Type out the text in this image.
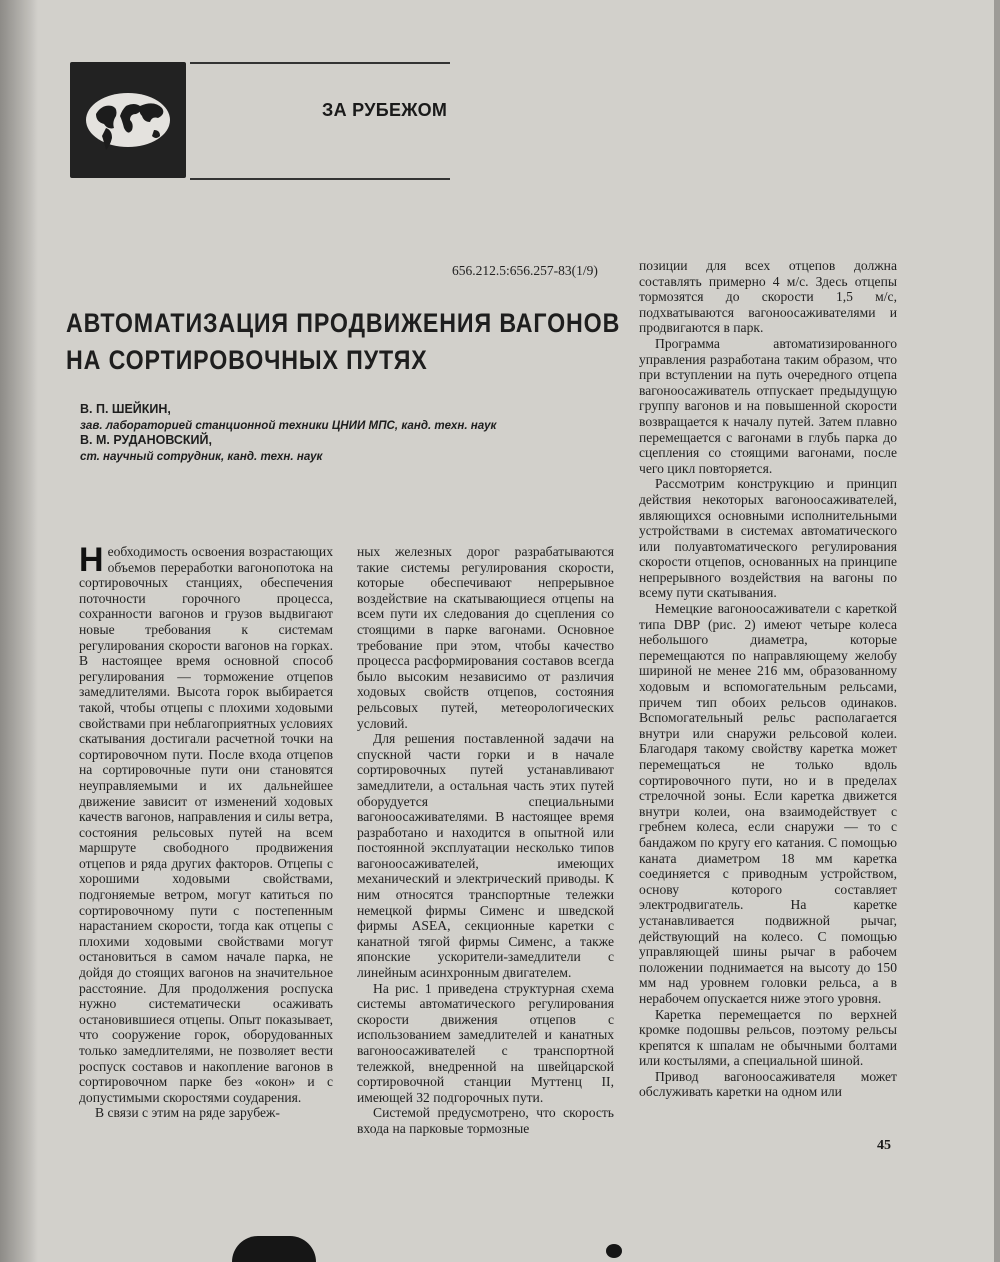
ЗА РУБЕЖОМ
656.212.5:656.257-83(1/9)
АВТОМАТИЗАЦИЯ ПРОДВИЖЕНИЯ ВАГОНОВ
НА СОРТИРОВОЧНЫХ ПУТЯХ
В. П. ШЕЙКИН,
зав. лабораторией станционной техники ЦНИИ МПС, канд. техн. наук
В. М. РУДАНОВСКИЙ,
ст. научный сотрудник, канд. техн. наук

Необходимость освоения возрастающих объемов переработки вагонопотока на сортировочных станциях, обеспечения поточности горочного процесса, сохранности вагонов и грузов выдвигают новые требования к системам регулирования скорости вагонов на горках. В настоящее время основной способ регулирования — торможение отцепов замедлителями. Высота горок выбирается такой, чтобы отцепы с плохими ходовыми свойствами при неблагоприятных условиях скатывания достигали расчетной точки на сортировочном пути. После входа отцепов на сортировочные пути они становятся неуправляемыми и их дальнейшее движение зависит от изменений ходовых качеств вагонов, направления и силы ветра, состояния рельсовых путей на всем маршруте свободного продвижения отцепов и ряда других факторов. Отцепы с хорошими ходовыми свойствами, подгоняемые ветром, могут катиться по сортировочному пути с постепенным нарастанием скорости, тогда как отцепы с плохими ходовыми свойствами могут остановиться в самом начале парка, не дойдя до стоящих вагонов на значительное расстояние. Для продолжения роспуска нужно систематически осаживать остановившиеся отцепы. Опыт показывает, что сооружение горок, оборудованных только замедлителями, не позволяет вести роспуск составов и накопление вагонов в сортировочном парке без «окон» и с допустимыми скоростями соударения.

В связи с этим на ряде зарубеж-

ных железных дорог разрабатываются такие системы регулирования скорости, которые обеспечивают непрерывное воздействие на скатывающиеся отцепы на всем пути их следования до сцепления со стоящими в парке вагонами. Основное требование при этом, чтобы качество процесса расформирования составов всегда было высоким независимо от различия ходовых свойств отцепов, состояния рельсовых путей, метеорологических условий.

Для решения поставленной задачи на спускной части горки и в начале сортировочных путей устанавливают замедлители, а остальная часть этих путей оборудуется специальными вагоноосаживателями. В настоящее время разработано и находится в опытной или постоянной эксплуатации несколько типов вагоноосаживателей, имеющих механический и электрический приводы. К ним относятся транспортные тележки немецкой фирмы Сименс и шведской фирмы ASEA, секционные каретки с канатной тягой фирмы Сименс, а также японские ускорители-замедлители с линейным асинхронным двигателем.

На рис. 1 приведена структурная схема системы автоматического регулирования скорости движения отцепов с использованием замедлителей и канатных вагоноосаживателей с транспортной тележкой, внедренной на швейцарской сортировочной станции Муттенц II, имеющей 32 подгорочных пути.

Системой предусмотрено, что скорость входа на парковые тормозные

позиции для всех отцепов должна составлять примерно 4 м/с. Здесь отцепы тормозятся до скорости 1,5 м/с, подхватываются вагоноосаживателями и продвигаются в парк.

Программа автоматизированного управления разработана таким образом, что при вступлении на путь очередного отцепа вагоноосаживатель отпускает предыдущую группу вагонов и на повышенной скорости возвращается к началу путей. Затем плавно перемещается с вагонами в глубь парка до сцепления со стоящими вагонами, после чего цикл повторяется.

Рассмотрим конструкцию и принцип действия некоторых вагоноосаживателей, являющихся основными исполнительными устройствами в системах автоматического или полуавтоматического регулирования скорости отцепов, основанных на принципе непрерывного воздействия на вагоны по всему пути скатывания.

Немецкие вагоноосаживатели с кареткой типа DBP (рис. 2) имеют четыре колеса небольшого диаметра, которые перемещаются по направляющему желобу шириной не менее 216 мм, образованному ходовым и вспомогательным рельсами, причем тип обоих рельсов одинаков. Вспомогательный рельс располагается внутри или снаружи рельсовой колеи. Благодаря такому свойству каретка может перемещаться не только вдоль сортировочного пути, но и в пределах стрелочной зоны. Если каретка движется внутри колеи, она взаимодействует с гребнем колеса, если снаружи — то с бандажом по кругу его катания. С помощью каната диаметром 18 мм каретка соединяется с приводным устройством, основу которого составляет электродвигатель. На каретке устанавливается подвижной рычаг, действующий на колесо. С помощью управляющей шины рычаг в рабочем положении поднимается на высоту до 150 мм над уровнем головки рельса, а в нерабочем опускается ниже этого уровня.

Каретка перемещается по верхней кромке подошвы рельсов, поэтому рельсы крепятся к шпалам не обычными болтами или костылями, а специальной шиной.

Привод вагоноосаживателя может обслуживать каретки на одном или

45
